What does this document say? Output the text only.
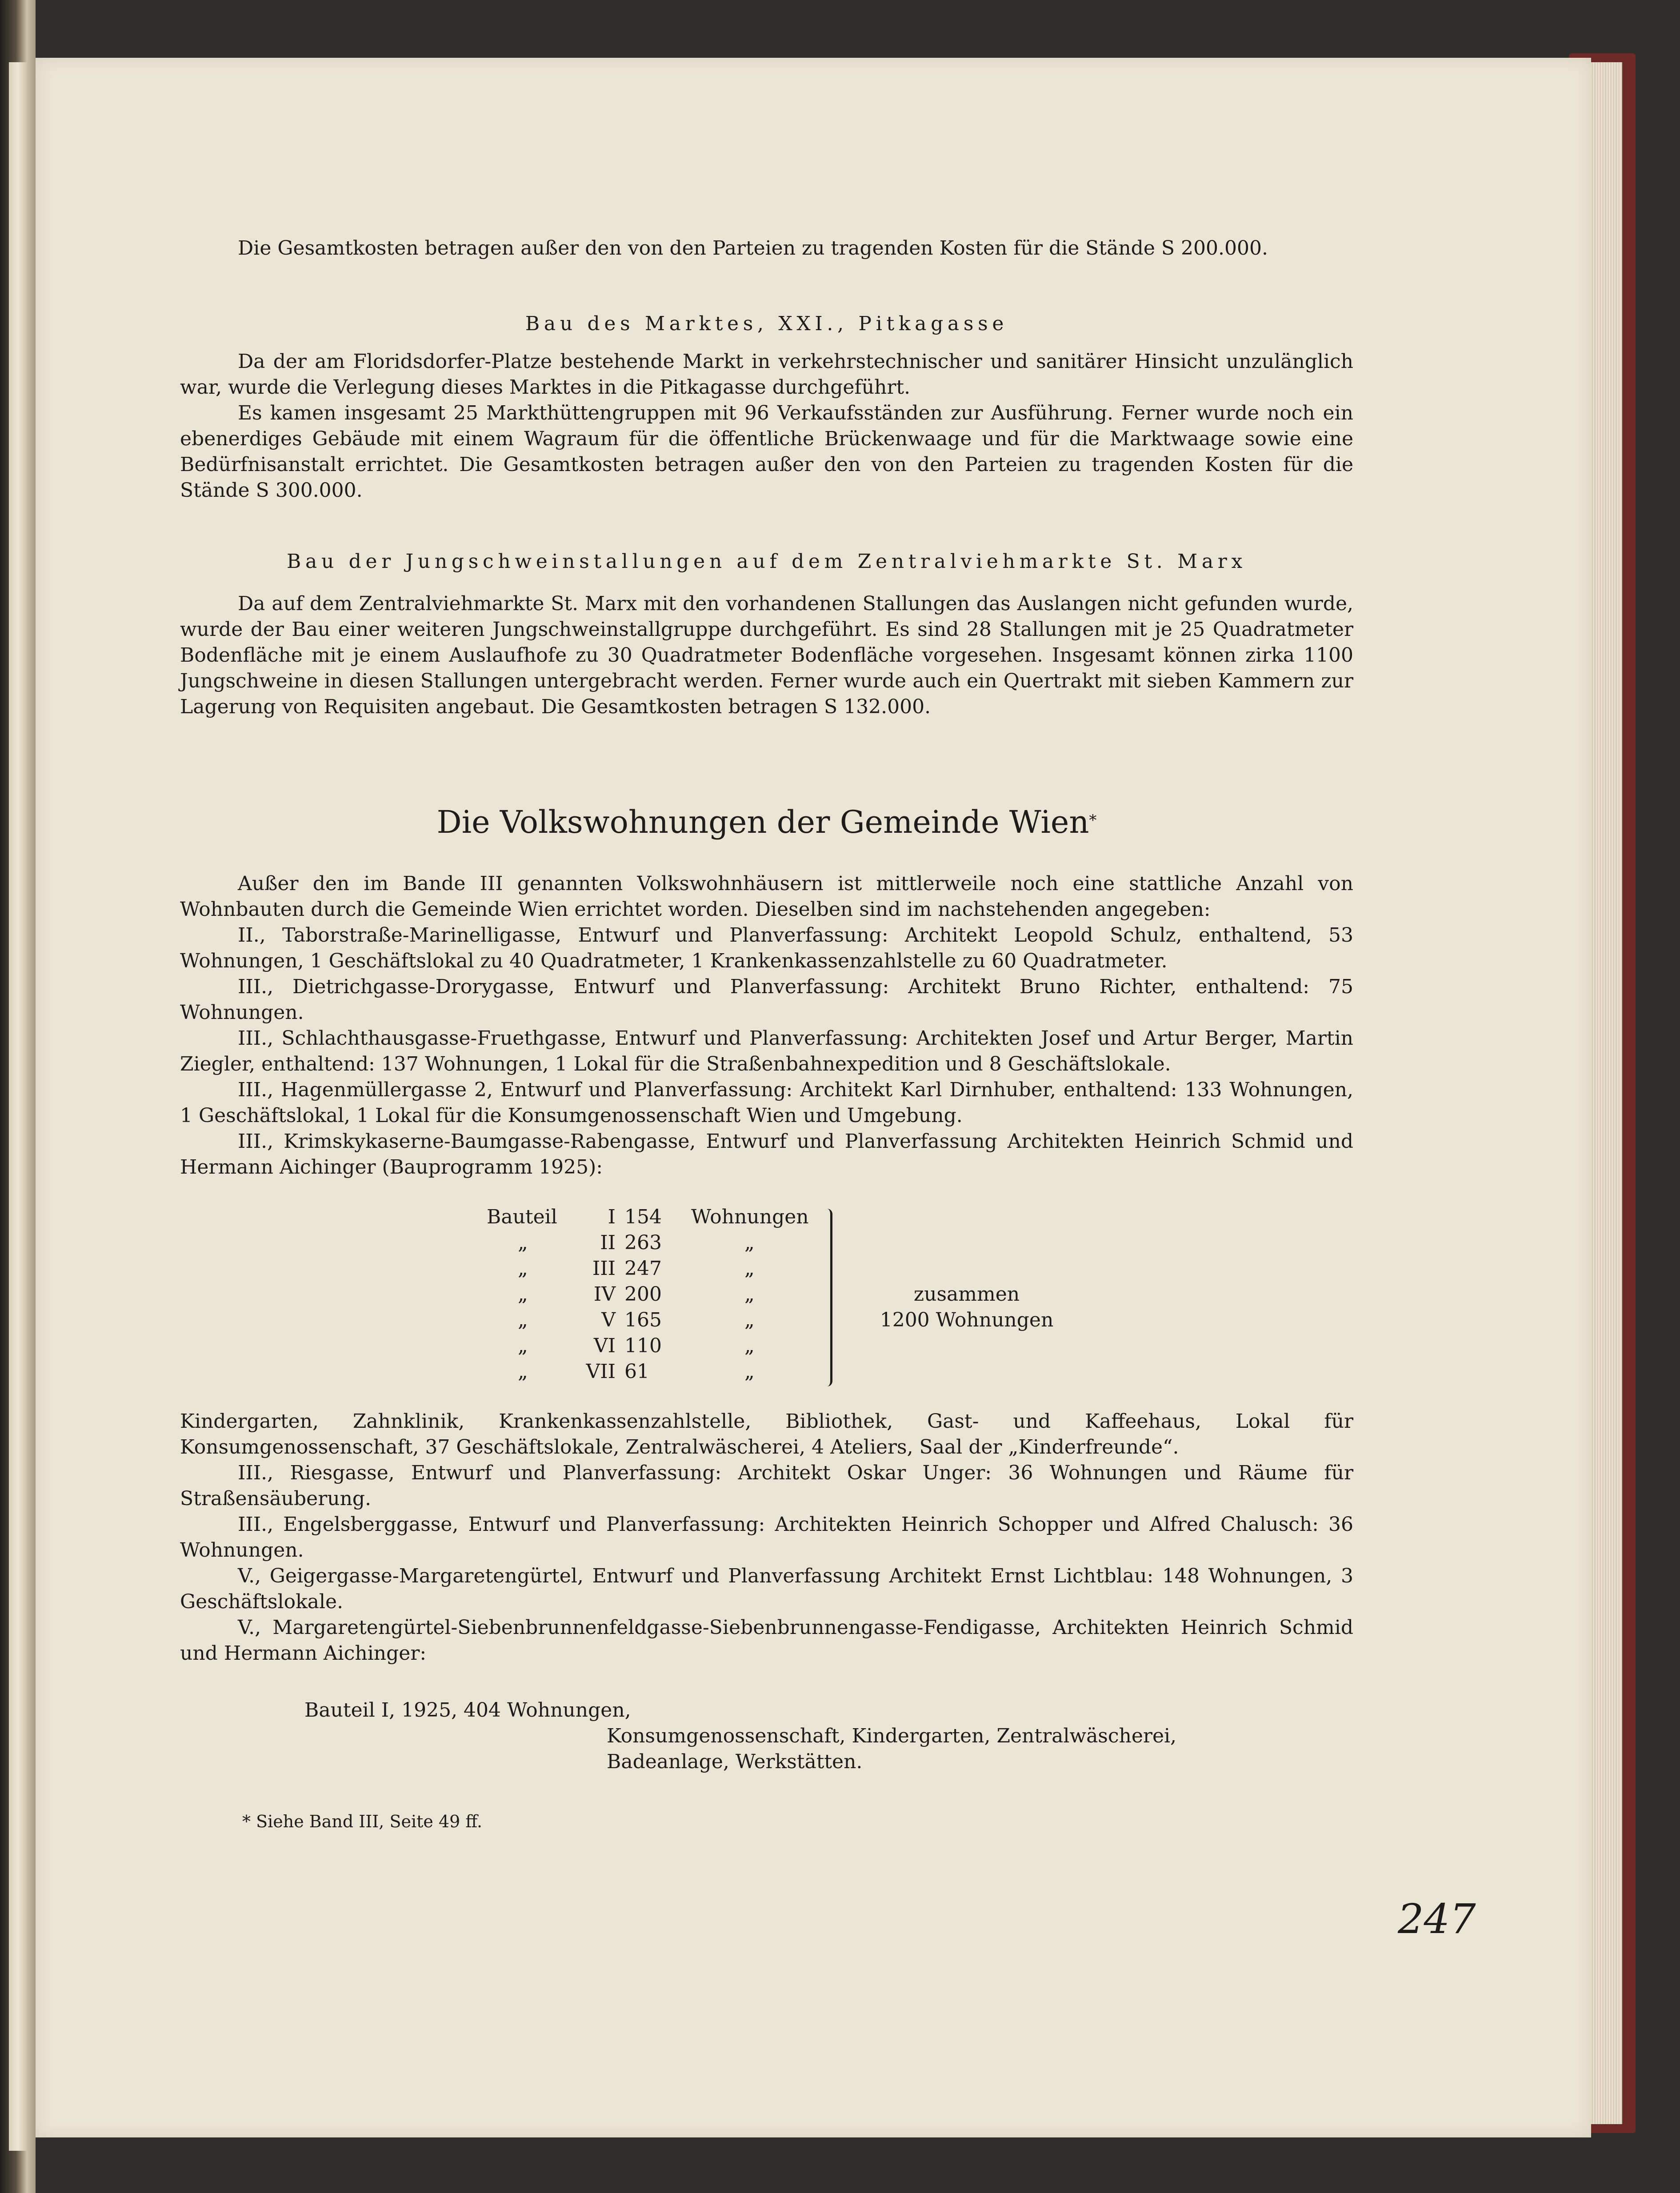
Die Gesamtkosten betragen außer den von den Parteien zu tragenden Kosten für die Stände S 200.000.

Bau des Marktes, XXI., Pitkagasse

Da der am Floridsdorfer-Platze bestehende Markt in verkehrstechnischer und sanitärer Hinsicht unzulänglich war, wurde die Verlegung dieses Marktes in die Pitkagasse durchgeführt.

Es kamen insgesamt 25 Markthüttengruppen mit 96 Verkaufsständen zur Ausführung. Ferner wurde noch ein ebenerdiges Gebäude mit einem Wagraum für die öffentliche Brückenwaage und für die Marktwaage sowie eine Bedürfnisanstalt errichtet. Die Gesamtkosten betragen außer den von den Parteien zu tragenden Kosten für die Stände S 300.000.

Bau der Jungschweinstallungen auf dem Zentralviehmarkte St. Marx

Da auf dem Zentralviehmarkte St. Marx mit den vorhandenen Stallungen das Auslangen nicht gefunden wurde, wurde der Bau einer weiteren Jungschweinstallgruppe durchgeführt. Es sind 28 Stallungen mit je 25 Quadratmeter Bodenfläche mit je einem Auslaufhofe zu 30 Quadratmeter Bodenfläche vorgesehen. Insgesamt können zirka 1100 Jungschweine in diesen Stallungen untergebracht werden. Ferner wurde auch ein Quertrakt mit sieben Kammern zur Lagerung von Requisiten angebaut. Die Gesamtkosten betragen S 132.000.

Die Volkswohnungen der Gemeinde Wien*

Außer den im Bande III genannten Volkswohnhäusern ist mittlerweile noch eine stattliche Anzahl von Wohnbauten durch die Gemeinde Wien errichtet worden. Dieselben sind im nachstehenden angegeben:

II., Taborstraße-Marinelligasse, Entwurf und Planverfassung: Architekt Leopold Schulz, enthaltend, 53 Wohnungen, 1 Geschäftslokal zu 40 Quadratmeter, 1 Krankenkassenzahlstelle zu 60 Quadratmeter.

III., Dietrichgasse-Drorygasse, Entwurf und Planverfassung: Architekt Bruno Richter, enthaltend: 75 Wohnungen.

III., Schlachthausgasse-Fruethgasse, Entwurf und Planverfassung: Architekten Josef und Artur Berger, Martin Ziegler, enthaltend: 137 Wohnungen, 1 Lokal für die Straßenbahnexpedition und 8 Geschäftslokale.

III., Hagenmüllergasse 2, Entwurf und Planverfassung: Architekt Karl Dirnhuber, enthaltend: 133 Wohnungen, 1 Geschäftslokal, 1 Lokal für die Konsumgenossenschaft Wien und Umgebung.

III., Krimskykaserne-Baumgasse-Rabengasse, Entwurf und Planverfassung Architekten Heinrich Schmid und Hermann Aichinger (Bauprogramm 1925):

Bauteil
„
„
„
„
„
„
I
II
III
IV
V
VI
VII
154
263
247
200
165
110
61
Wohnungen
„
„
„
„
„
„
zusammen
1200 Wohnungen

Kindergarten, Zahnklinik, Krankenkassenzahlstelle, Bibliothek, Gast- und Kaffeehaus, Lokal für Konsumgenossenschaft, 37 Geschäftslokale, Zentralwäscherei, 4 Ateliers, Saal der „Kinderfreunde“.

III., Riesgasse, Entwurf und Planverfassung: Architekt Oskar Unger: 36 Wohnungen und Räume für Straßensäuberung.

III., Engelsberggasse, Entwurf und Planverfassung: Architekten Heinrich Schopper und Alfred Chalusch: 36 Wohnungen.

V., Geigergasse-Margaretengürtel, Entwurf und Planverfassung Architekt Ernst Lichtblau: 148 Wohnungen, 3 Geschäftslokale.

V., Margaretengürtel-Siebenbrunnenfeldgasse-Siebenbrunnengasse-Fendigasse, Architekten Heinrich Schmid und Hermann Aichinger:

Bauteil I, 1925, 404 Wohnungen,
Konsumgenossenschaft, Kindergarten, Zentralwäscherei,
Badeanlage, Werkstätten.
* Siehe Band III, Seite 49 ff.
247
